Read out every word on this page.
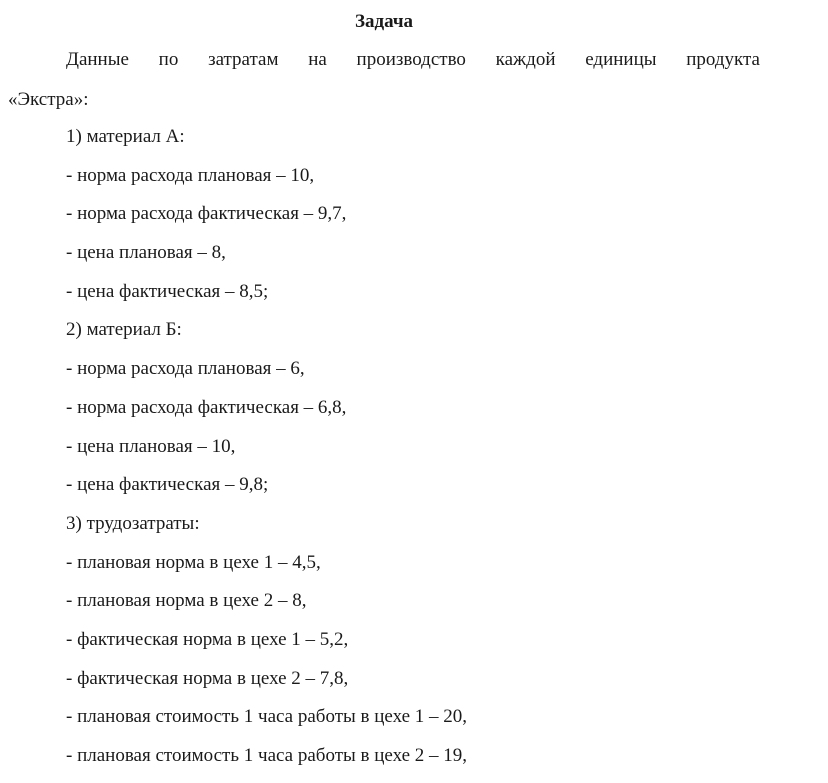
Задача
Данные по затратам на производство каждой единицы продукта
«Экстра»:
1) материал А:
- норма расхода плановая – 10,
- норма расхода фактическая – 9,7,
- цена плановая – 8,
- цена фактическая – 8,5;
2) материал Б:
- норма расхода плановая – 6,
- норма расхода фактическая – 6,8,
- цена плановая – 10,
- цена фактическая – 9,8;
3) трудозатраты:
- плановая норма в цехе 1 – 4,5,
- плановая норма в цехе 2 – 8,
- фактическая норма в цехе 1 – 5,2,
- фактическая норма в цехе 2 – 7,8,
- плановая стоимость 1 часа работы в цехе 1 – 20,
- плановая стоимость 1 часа работы в цехе 2 – 19,
